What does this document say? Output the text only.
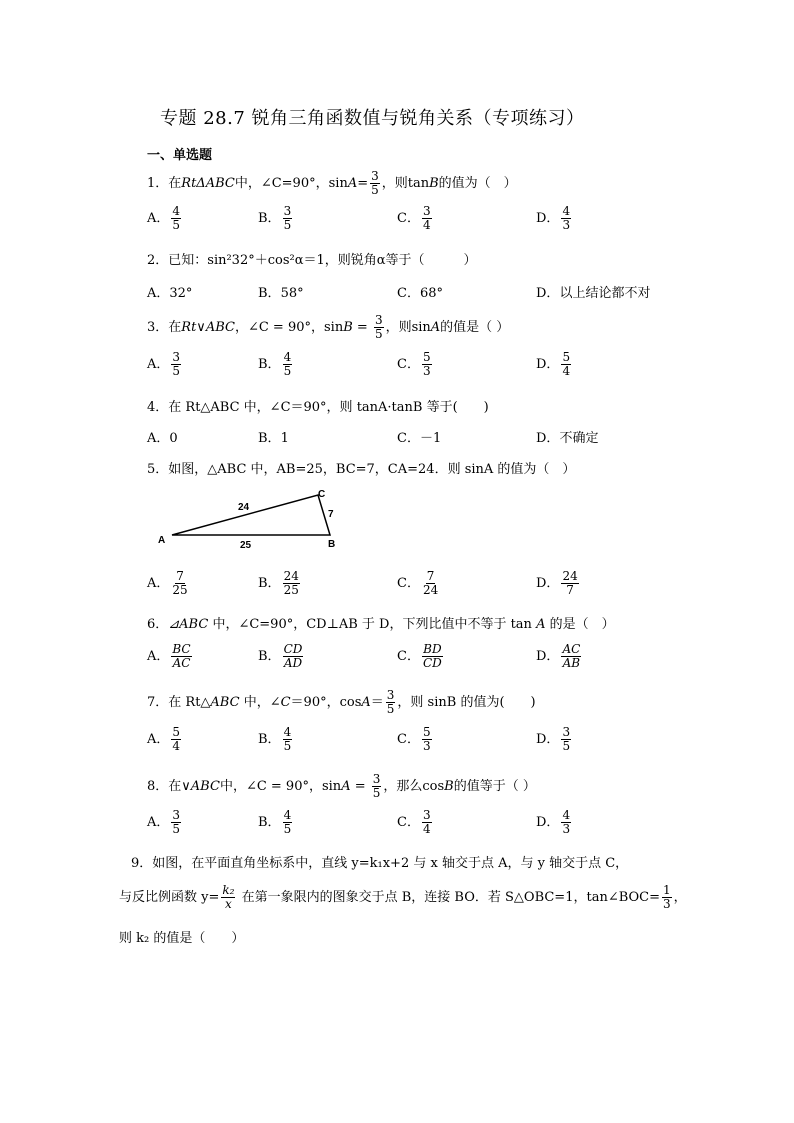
专题 28.7 锐角三角函数值与锐角关系（专项练习）
一、单选题
1．在RtΔABC中，∠C=90°，$\sin A= \frac{3}{5}$ ，则tanB的值为（　）
A． $\frac{4}{5}$	B． $\frac{3}{5}$	C． $\frac{3}{4}$	D． $\frac{4}{3}$
2．已知：sin²32°＋cos²α＝1，则锐角α等于（　　　）
A．32°	B．58°	C．68°	D．以上结论都不对
3．在Rt∨ABC，∠C = 90°，$\sin B = \frac{3}{5}$ ，则sinA的值是（ ）
A． $\frac{3}{5}$	B． $\frac{4}{5}$	C． $\frac{5}{3}$	D． $\frac{5}{4}$
4．在 Rt△ABC 中，∠C＝90°，则 tanA·tanB 等于(　　)
A．0	B．1	C．－1	D．不确定
5．如图，△ABC 中，AB=25，BC=7，CA=24．则 sinA 的值为（　）
A	B
C
24
7
25
A． $\frac{7}{25}$	B． $\frac{24}{25}$	C． $\frac{7}{24}$	D． $\frac{24}{7}$
6．⊿ABC 中，∠C=90°，CD⊥AB 于 D，下列比值中不等于 tan A 的是（　）
A． $\frac{BC}{AC}$	B． $\frac{CD}{AD}$	C． $\frac{BD}{CD}$	D． $\frac{AC}{AB}$
7．在 Rt△ABC 中，∠C＝90°，$\cos A= \frac{3}{5}$ ，则 sinB 的值为(　　)
A． $\frac{5}{4}$	B． $\frac{4}{5}$	C． $\frac{5}{3}$	D． $\frac{3}{5}$
8．在∨ABC中，∠C = 90°，$\sin A = \frac{3}{5}$ ，那么cosB的值等于（ ）
A． $\frac{3}{5}$	B． $\frac{4}{5}$	C． $\frac{3}{4}$	D． $\frac{4}{3}$
9．如图，在平面直角坐标系中，直线 y=k₁x+2 与 x 轴交于点 A，与 y 轴交于点 C，
与反比例函数 $y= \frac{\text{k₂}}{x}$ 在第一象限内的图象交于点 B，连接 BO．若 S△OBC=1，tan∠BOC= $\frac{1}{3}$ ，
则 k₂ 的值是（　　）
